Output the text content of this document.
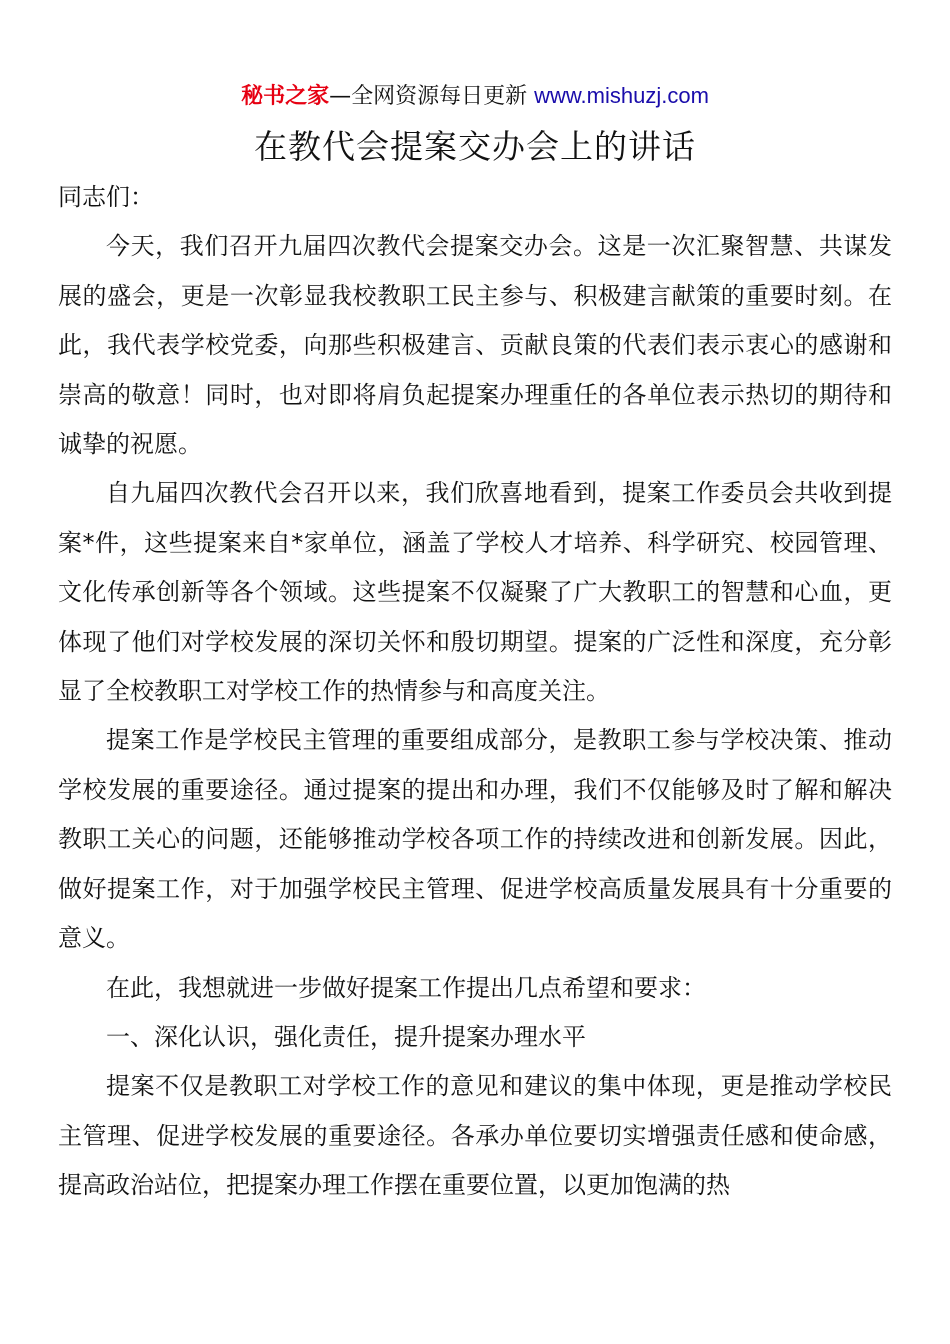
秘书之家—全网资源每日更新 www.mishuzj.com
在教代会提案交办会上的讲话

同志们：

今天，我们召开九届四次教代会提案交办会。这是一次汇聚智慧、共谋发展的盛会，更是一次彰显我校教职工民主参与、积极建言献策的重要时刻。在此，我代表学校党委，向那些积极建言、贡献良策的代表们表示衷心的感谢和崇高的敬意！同时，也对即将肩负起提案办理重任的各单位表示热切的期待和诚挚的祝愿。

自九届四次教代会召开以来，我们欣喜地看到，提案工作委员会共收到提案*件，这些提案来自*家单位，涵盖了学校人才培养、科学研究、校园管理、文化传承创新等各个领域。这些提案不仅凝聚了广大教职工的智慧和心血，更体现了他们对学校发展的深切关怀和殷切期望。提案的广泛性和深度，充分彰显了全校教职工对学校工作的热情参与和高度关注。

提案工作是学校民主管理的重要组成部分，是教职工参与学校决策、推动学校发展的重要途径。通过提案的提出和办理，我们不仅能够及时了解和解决教职工关心的问题，还能够推动学校各项工作的持续改进和创新发展。因此，做好提案工作，对于加强学校民主管理、促进学校高质量发展具有十分重要的意义。

在此，我想就进一步做好提案工作提出几点希望和要求：

一、深化认识，强化责任，提升提案办理水平

提案不仅是教职工对学校工作的意见和建议的集中体现，更是推动学校民主管理、促进学校发展的重要途径。各承办单位要切实增强责任感和使命感，提高政治站位，把提案办理工作摆在重要位置，以更加饱满的热
